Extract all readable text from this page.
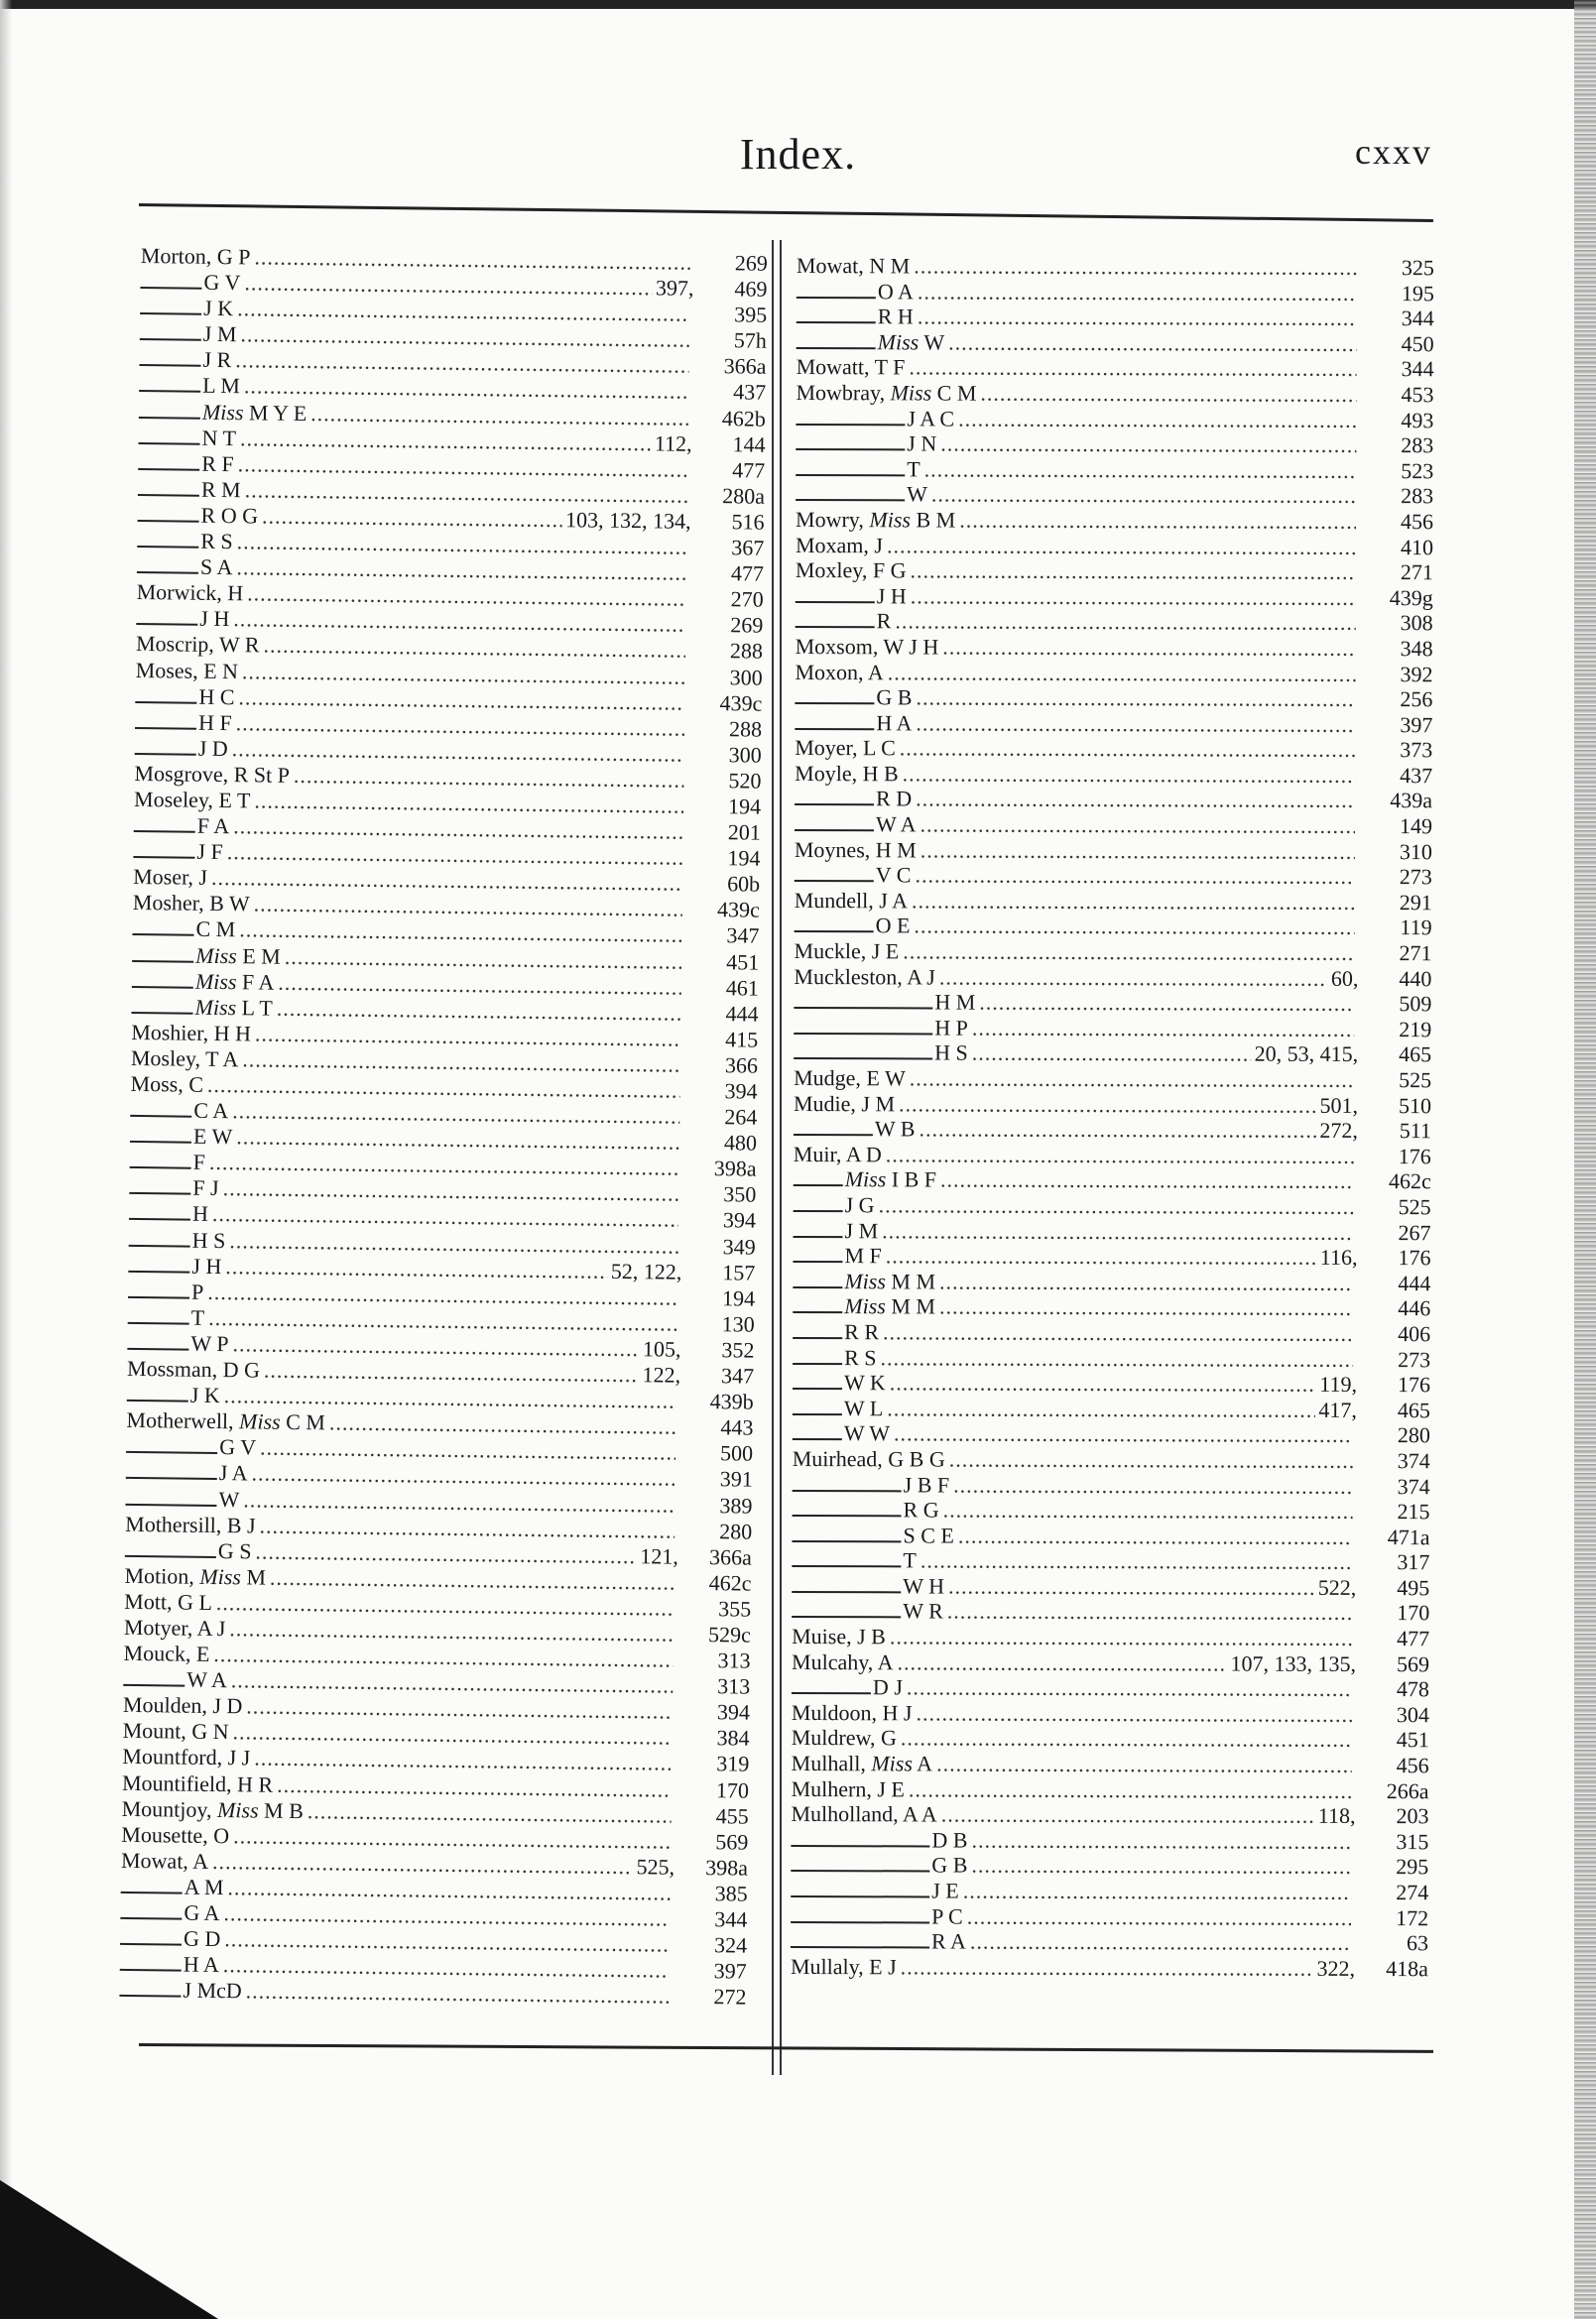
Index.	cxxv
Morton, G P .....	269
G V .....	397,	469
J K .....	395
J M .....	57h
J R .....	366a
L M .....	437
Miss M Y E .....	462b
N T .....	112,	144
R F .....	477
R M .....	280a
R O G .....	103, 132, 134,	516
R S .....	367
S A .....	477
Morwick, H .....	270
J H .....	269
Moscrip, W R .....	288
Moses, E N .....	300
H C .....	439c
H F .....	288
J D .....	300
Mosgrove, R St P .....	520
Moseley, E T .....	194
F A .....	201
J F .....	194
Moser, J .....	60b
Mosher, B W .....	439c
C M .....	347
Miss E M .....	451
Miss F A .....	461
Miss L T .....	444
Moshier, H H .....	415
Mosley, T A .....	366
Moss, C .....	394
C A .....	264
E W .....	480
F .....	398a
F J .....	350
H .....	394
H S .....	349
J H .....	52, 122,	157
P .....	194
T .....	130
W P .....	105,	352
Mossman, D G .....	122,	347
J K .....	439b
Motherwell, Miss C M .....	443
G V .....	500
J A .....	391
W .....	389
Mothersill, B J .....	280
G S .....	121,	366a
Motion, Miss M .....	462c
Mott, G L .....	355
Motyer, A J .....	529c
Mouck, E .....	313
W A .....	313
Moulden, J D .....	394
Mount, G N .....	384
Mountford, J J .....	319
Mountifield, H R .....	170
Mountjoy, Miss M B .....	455
Mousette, O .....	569
Mowat, A .....	525,	398a
A M .....	385
G A .....	344
G D .....	324
H A .....	397
J McD .....	272
Mowat, N M .....	325
O A .....	195
R H .....	344
Miss W .....	450
Mowatt, T F .....	344
Mowbray, Miss C M .....	453
J A C .....	493
J N .....	283
T .....	523
W .....	283
Mowry, Miss B M .....	456
Moxam, J .....	410
Moxley, F G .....	271
J H .....	439g
R .....	308
Moxsom, W J H .....	348
Moxon, A .....	392
G B .....	256
H A .....	397
Moyer, L C .....	373
Moyle, H B .....	437
R D .....	439a
W A .....	149
Moynes, H M .....	310
V C .....	273
Mundell, J A .....	291
O E .....	119
Muckle, J E .....	271
Muckleston, A J .....	60,	440
H M .....	509
H P .....	219
H S .....	20, 53, 415,	465
Mudge, E W .....	525
Mudie, J M .....	501,	510
W B .....	272,	511
Muir, A D .....	176
Miss I B F .....	462c
J G .....	525
J M .....	267
M F .....	116,	176
Miss M M .....	444
Miss M M .....	446
R R .....	406
R S .....	273
W K .....	119,	176
W L .....	417,	465
W W .....	280
Muirhead, G B G .....	374
J B F .....	374
R G .....	215
S C E .....	471a
T .....	317
W H .....	522,	495
W R .....	170
Muise, J B .....	477
Mulcahy, A .....	107, 133, 135,	569
D J .....	478
Muldoon, H J .....	304
Muldrew, G .....	451
Mulhall, Miss A .....	456
Mulhern, J E .....	266a
Mulholland, A A .....	118,	203
D B .....	315
G B .....	295
J E .....	274
P C .....	172
R A .....	63
Mullaly, E J .....	322,	418a
